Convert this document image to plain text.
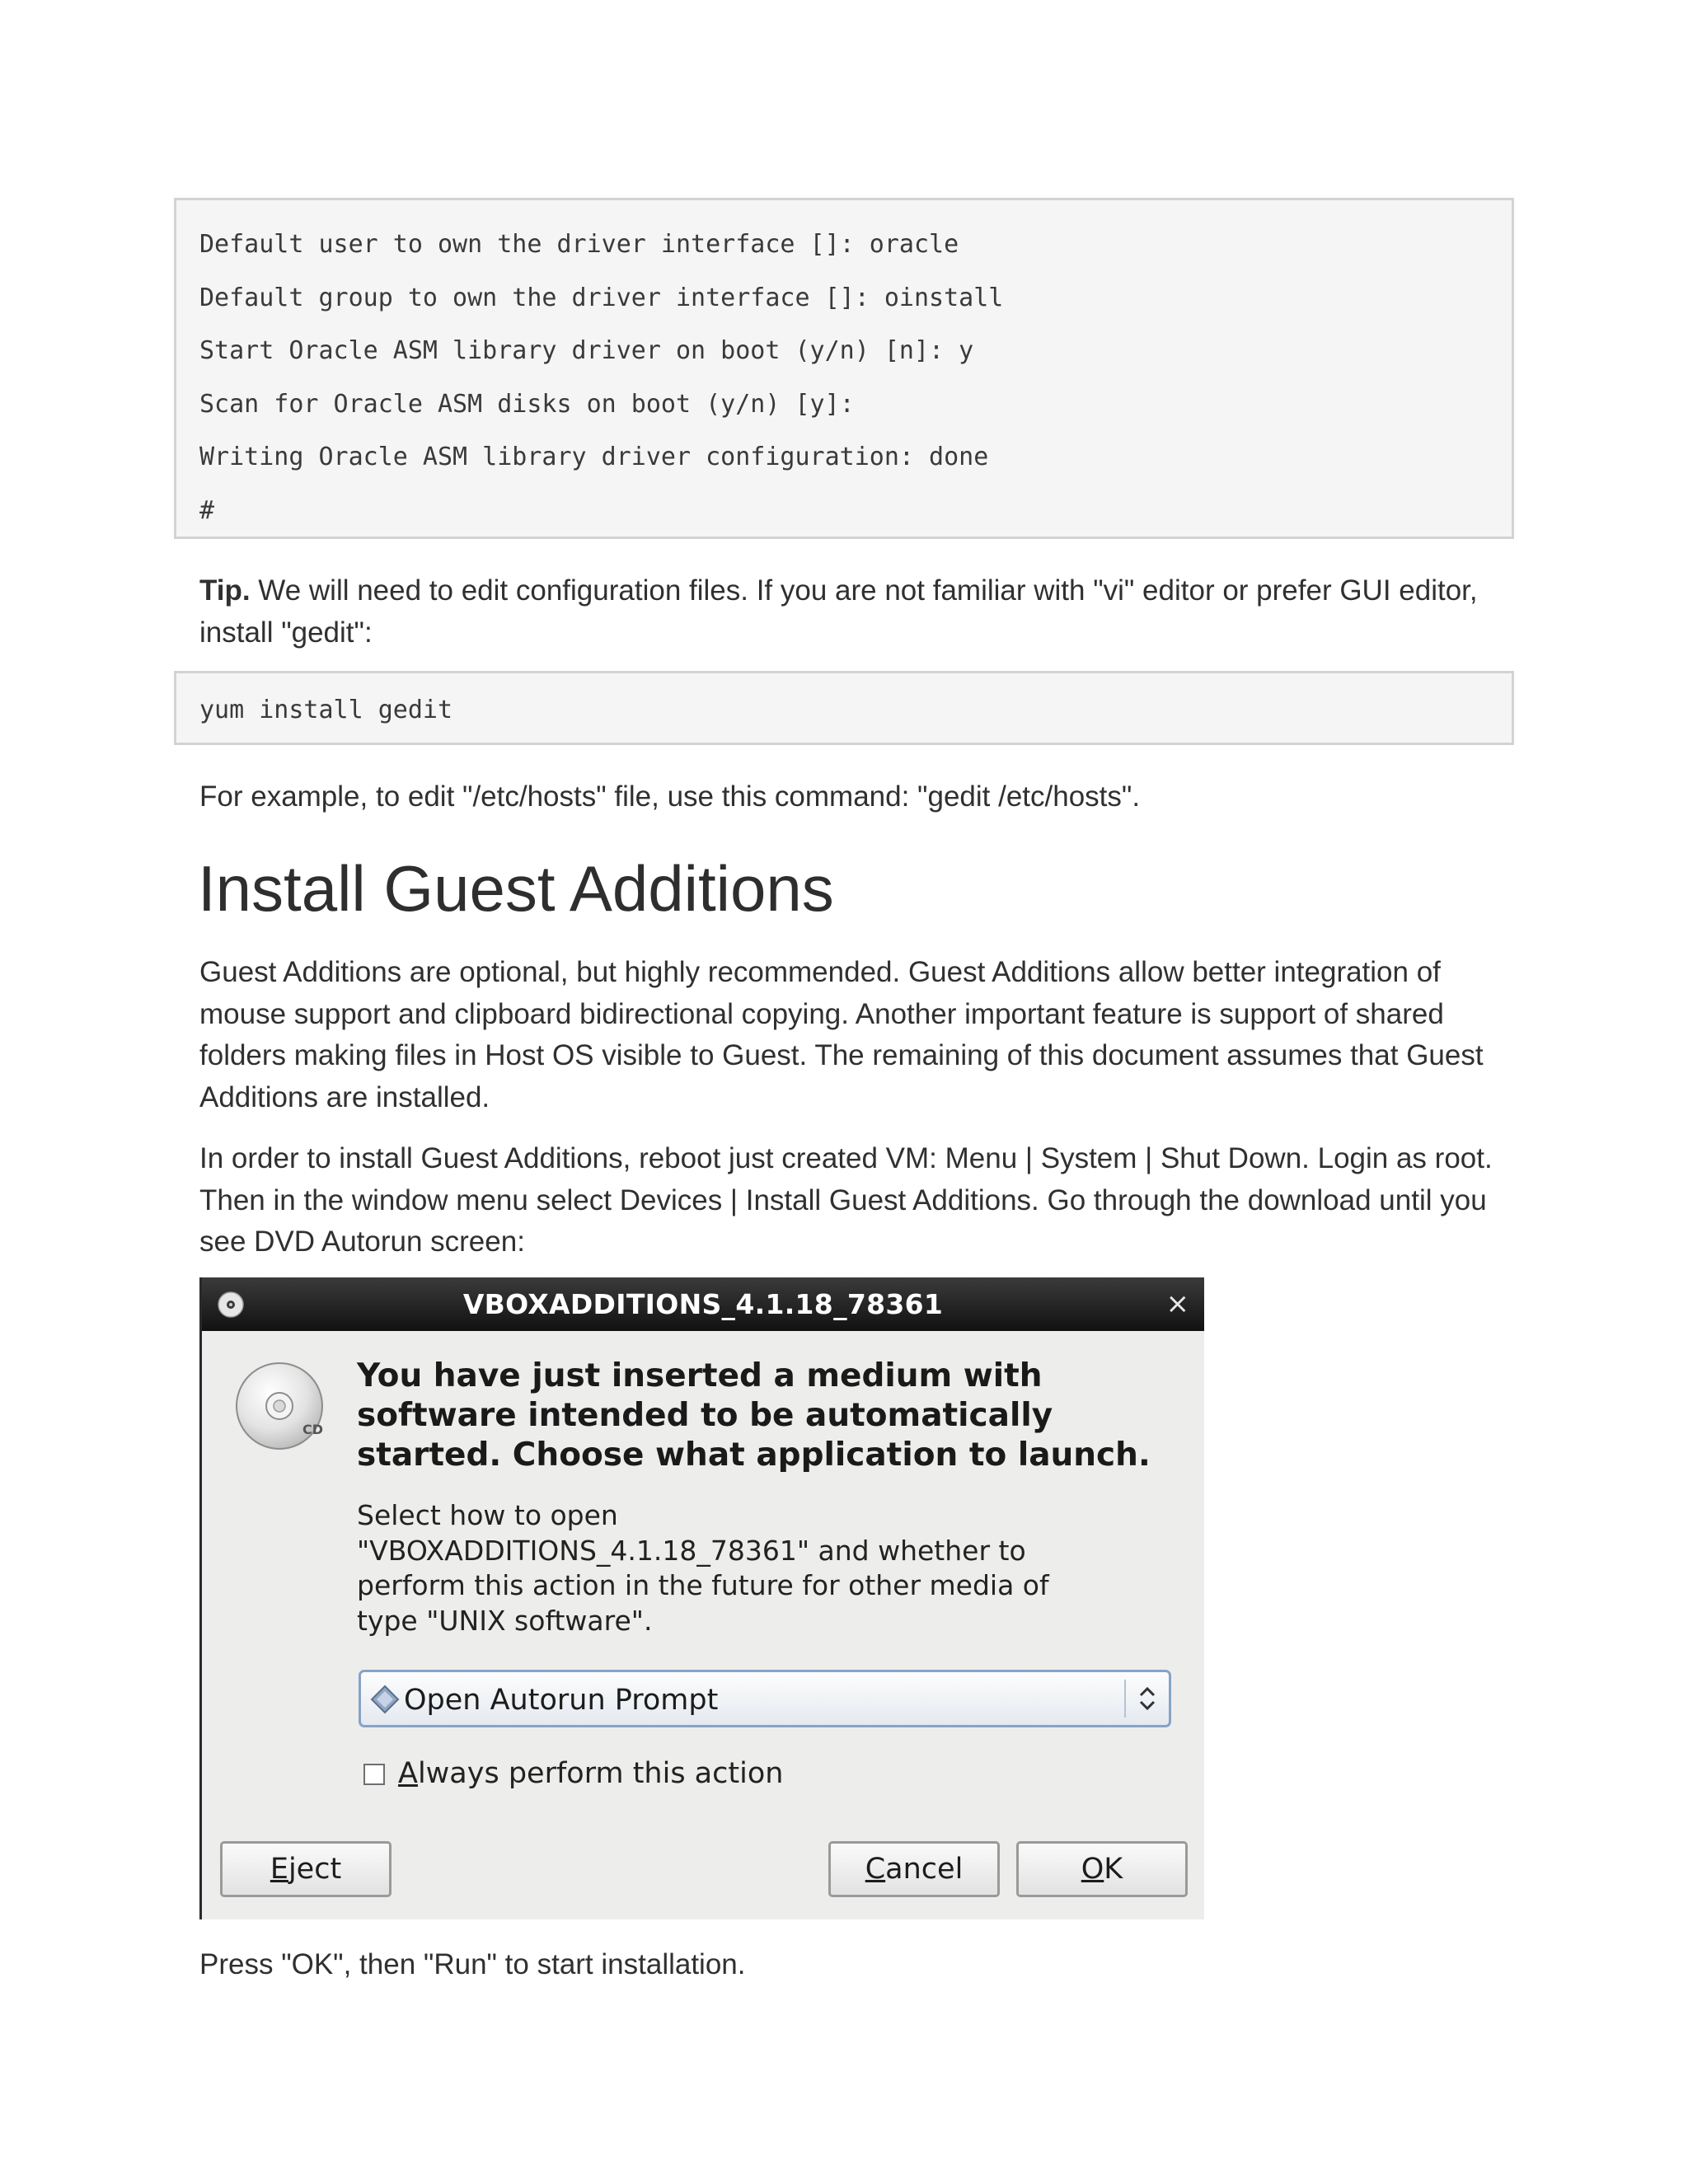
Default user to own the driver interface []: oracle
Default group to own the driver interface []: oinstall
Start Oracle ASM library driver on boot (y/n) [n]: y
Scan for Oracle ASM disks on boot (y/n) [y]:
Writing Oracle ASM library driver configuration: done
#
Tip. We will need to edit configuration files. If you are not familiar with "vi" editor or prefer GUI editor, install "gedit":
yum install gedit
For example, to edit "/etc/hosts" file, use this command: "gedit /etc/hosts".
Install Guest Additions
Guest Additions are optional, but highly recommended. Guest Additions allow better integration of mouse support and clipboard bidirectional copying. Another important feature is support of shared folders making files in Host OS visible to Guest. The remaining of this document assumes that Guest Additions are installed.
In order to install Guest Additions, reboot just created VM: Menu | System | Shut Down. Login as root. Then in the window menu select Devices | Install Guest Additions. Go through the download until you see DVD Autorun screen:
VBOXADDITIONS_4.1.18_78361	×
CD
You have just inserted a medium with software intended to be automatically started. Choose what application to launch.
Select how to open "VBOXADDITIONS_4.1.18_78361" and whether to perform this action in the future for other media of type "UNIX software".
Open Autorun Prompt
Always perform this action
Eject	Cancel	OK
Press "OK", then "Run" to start installation.
